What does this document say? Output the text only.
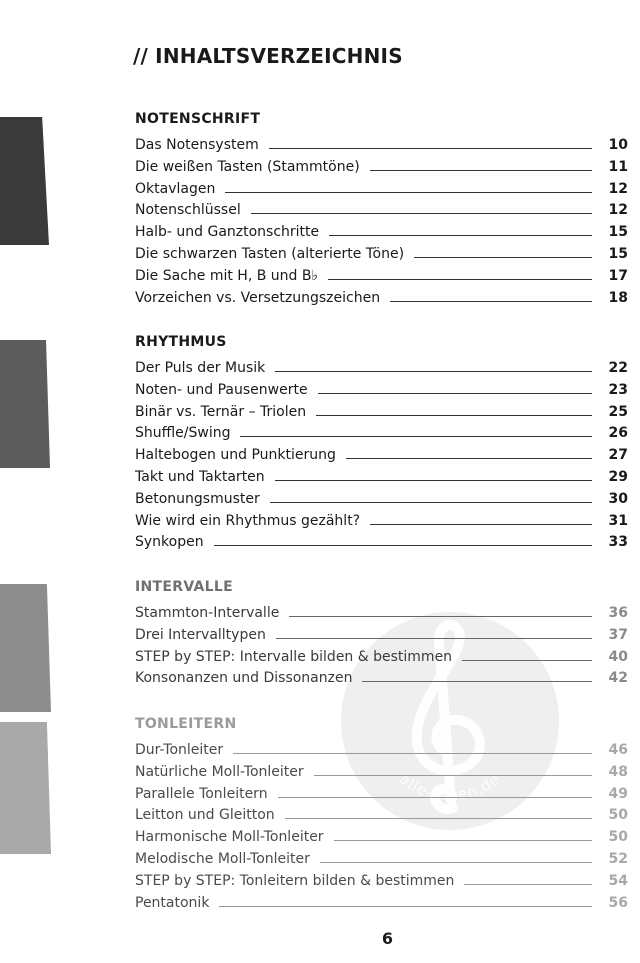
alle-noten.de
// INHALTSVERZEICHNIS
NOTENSCHRIFT
Das Notensystem	10
Die weißen Tasten (Stammtöne)	11
Oktavlagen	12
Notenschlüssel	12
Halb- und Ganztonschritte	15
Die schwarzen Tasten (alterierte Töne)	15
Die Sache mit H, B und B♭	17
Vorzeichen vs. Versetzungszeichen	18
RHYTHMUS
Der Puls der Musik	22
Noten- und Pausenwerte	23
Binär vs. Ternär – Triolen	25
Shuffle/Swing	26
Haltebogen und Punktierung	27
Takt und Taktarten	29
Betonungsmuster	30
Wie wird ein Rhythmus gezählt?	31
Synkopen	33
INTERVALLE
Stammton-Intervalle	36
Drei Intervalltypen	37
STEP by STEP: Intervalle bilden & bestimmen	40
Konsonanzen und Dissonanzen	42
TONLEITERN
Dur-Tonleiter	46
Natürliche Moll-Tonleiter	48
Parallele Tonleitern	49
Leitton und Gleitton	50
Harmonische Moll-Tonleiter	50
Melodische Moll-Tonleiter	52
STEP by STEP: Tonleitern bilden & bestimmen	54
Pentatonik	56
6
